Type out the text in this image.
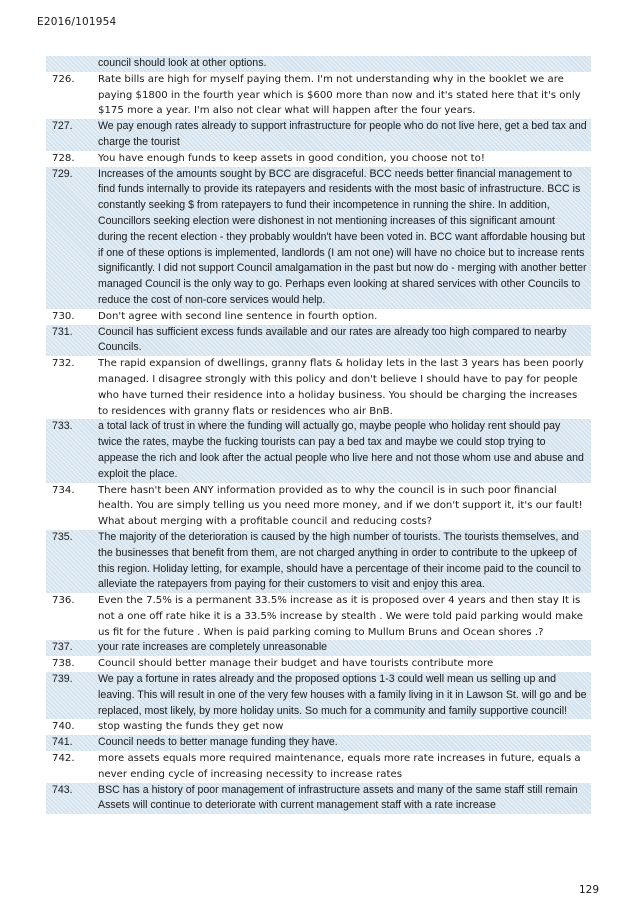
E2016/101954
council should look at other options.
726.	Rate bills are high for myself paying them. I'm not understanding why in the booklet we are paying $1800 in the fourth year which is $600 more than now and it's stated here that it's only $175 more a year. I'm also not clear what will happen after the four years.
727.	We pay enough rates already to support infrastructure for people who do not live here, get a bed tax and charge the tourist
728.	You have enough funds to keep assets in good condition, you choose not to!
729.	Increases of the amounts sought by BCC are disgraceful. BCC needs better financial management to find funds internally to provide its ratepayers and residents with the most basic of infrastructure. BCC is constantly seeking $ from ratepayers to fund their incompetence in running the shire. In addition, Councillors seeking election were dishonest in not mentioning increases of this significant amount during the recent election - they probably wouldn't have been voted in. BCC want affordable housing but if one of these options is implemented, landlords (I am not one) will have no choice but to increase rents significantly. I did not support Council amalgamation in the past but now do - merging with another better managed Council is the only way to go. Perhaps even looking at shared services with other Councils to reduce the cost of non-core services would help.
730.	Don't agree with second line sentence in fourth option.
731.	Council has sufficient excess funds available and our rates are already too high compared to nearby Councils.
732.	The rapid expansion of dwellings, granny flats & holiday lets in the last 3 years has been poorly managed. I disagree strongly with this policy and don't believe I should have to pay for people who have turned their residence into a holiday business. You should be charging the increases to residences with granny flats or residences who air BnB.
733.	a total lack of trust in where the funding will actually go, maybe people who holiday rent should pay twice the rates, maybe the fucking tourists can pay a bed tax and maybe we could stop trying to appease the rich and look after the actual people who live here and not those whom use and abuse and exploit the place.
734.	There hasn't been ANY information provided as to why the council is in such poor financial health. You are simply telling us you need more money, and if we don't support it, it's our fault! What about merging with a profitable council and reducing costs?
735.	The majority of the deterioration is caused by the high number of tourists. The tourists themselves, and the businesses that benefit from them, are not charged anything in order to contribute to the upkeep of this region. Holiday letting, for example, should have a percentage of their income paid to the council to alleviate the ratepayers from paying for their customers to visit and enjoy this area.
736.	Even the 7.5% is a permanent 33.5% increase as it is proposed over 4 years and then stay It is not a one off rate hike it is a 33.5% increase by stealth . We were told paid parking would make us fit for the future . When is paid parking coming to Mullum Bruns and Ocean shores .?
737.	your rate increases are completely unreasonable
738.	Council should better manage their budget and have tourists contribute more
739.	We pay a fortune in rates already and the proposed options 1-3 could well mean us selling up and leaving. This will result in one of the very few houses with a family living in it in Lawson St. will go and be replaced, most likely, by more holiday units. So much for a community and family supportive council!
740.	stop wasting the funds they get now
741.	Council needs to better manage funding they have.
742.	more assets equals more required maintenance, equals more rate increases in future, equals a never ending cycle of increasing necessity to increase rates
743.	BSC has a history of poor management of infrastructure assets and many of the same staff still remain Assets will continue to deteriorate with current management staff with a rate increase
129
